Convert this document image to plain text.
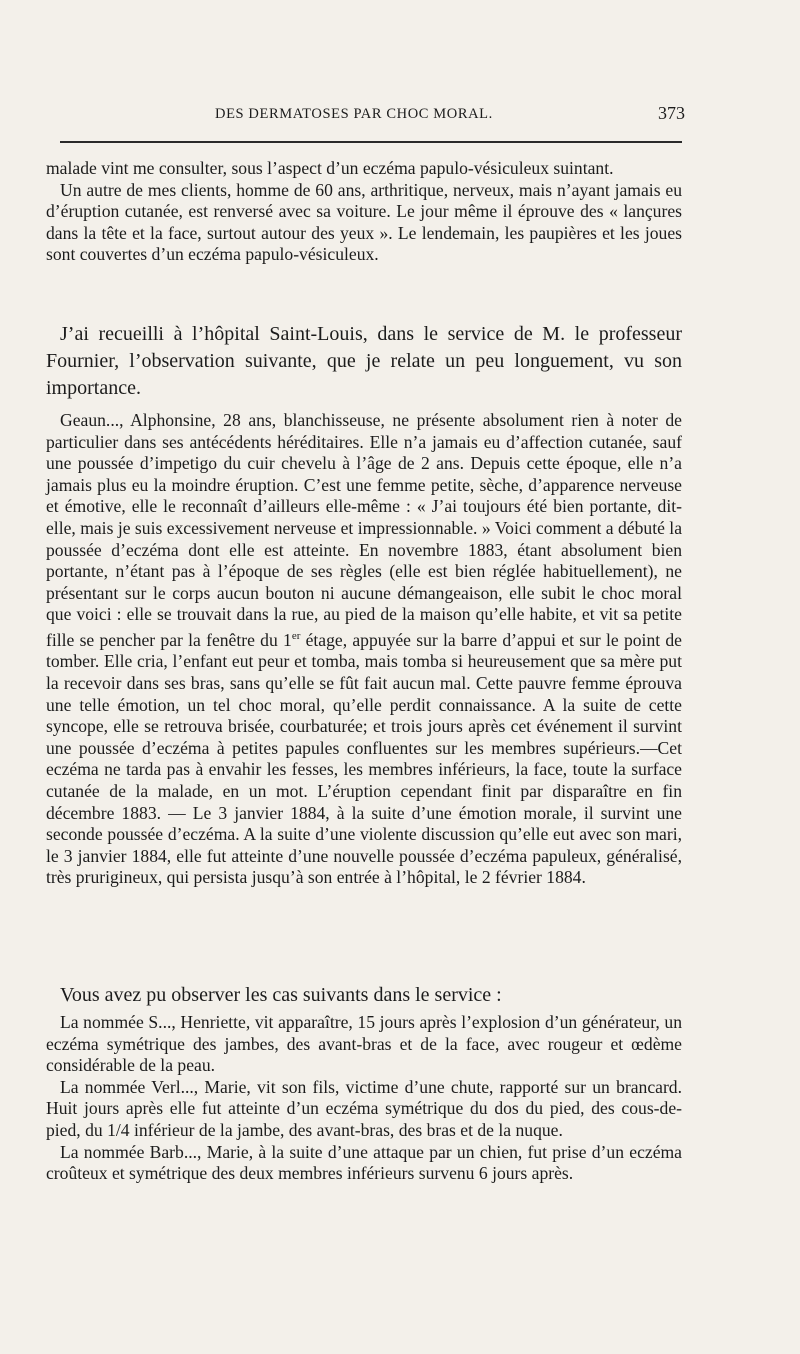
DES DERMATOSES PAR CHOC MORAL.	373

malade vint me consulter, sous l’aspect d’un eczéma papulo-vésiculeux suintant.

Un autre de mes clients, homme de 60 ans, arthritique, nerveux, mais n’ayant jamais eu d’éruption cutanée, est renversé avec sa voiture. Le jour même il éprouve des « lançures dans la tête et la face, surtout autour des yeux ». Le lendemain, les paupières et les joues sont couvertes d’un eczéma papulo-vésiculeux.

J’ai recueilli à l’hôpital Saint-Louis, dans le service de M. le professeur Fournier, l’observation suivante, que je relate un peu longuement, vu son importance.

Geaun..., Alphonsine, 28 ans, blanchisseuse, ne présente absolument rien à noter de particulier dans ses antécédents héréditaires. Elle n’a jamais eu d’affection cutanée, sauf une poussée d’impetigo du cuir chevelu à l’âge de 2 ans. Depuis cette époque, elle n’a jamais plus eu la moindre éruption. C’est une femme petite, sèche, d’apparence nerveuse et émotive, elle le reconnaît d’ailleurs elle-même : « J’ai toujours été bien portante, dit-elle, mais je suis excessivement nerveuse et impressionnable. » Voici comment a débuté la poussée d’eczéma dont elle est atteinte. En novembre 1883, étant absolument bien portante, n’étant pas à l’époque de ses règles (elle est bien réglée habituellement), ne présentant sur le corps aucun bouton ni aucune démangeaison, elle subit le choc moral que voici : elle se trouvait dans la rue, au pied de la maison qu’elle habite, et vit sa petite fille se pencher par la fenêtre du 1er étage, appuyée sur la barre d’appui et sur le point de tomber. Elle cria, l’enfant eut peur et tomba, mais tomba si heureusement que sa mère put la recevoir dans ses bras, sans qu’elle se fût fait aucun mal. Cette pauvre femme éprouva une telle émotion, un tel choc moral, qu’elle perdit connaissance. A la suite de cette syncope, elle se retrouva brisée, courbaturée; et trois jours après cet événement il survint une poussée d’eczéma à petites papules confluentes sur les membres supérieurs.—Cet eczéma ne tarda pas à envahir les fesses, les membres inférieurs, la face, toute la surface cutanée de la malade, en un mot. L’éruption cependant finit par disparaître en fin décembre 1883. — Le 3 janvier 1884, à la suite d’une émotion morale, il survint une seconde poussée d’eczéma. A la suite d’une violente discussion qu’elle eut avec son mari, le 3 janvier 1884, elle fut atteinte d’une nouvelle poussée d’eczéma papuleux, généralisé, très prurigineux, qui persista jusqu’à son entrée à l’hôpital, le 2 février 1884.

Vous avez pu observer les cas suivants dans le service :

La nommée S..., Henriette, vit apparaître, 15 jours après l’explosion d’un générateur, un eczéma symétrique des jambes, des avant-bras et de la face, avec rougeur et œdème considérable de la peau.

La nommée Verl..., Marie, vit son fils, victime d’une chute, rapporté sur un brancard. Huit jours après elle fut atteinte d’un eczéma symétrique du dos du pied, des cous-de-pied, du 1/4 inférieur de la jambe, des avant-bras, des bras et de la nuque.

La nommée Barb..., Marie, à la suite d’une attaque par un chien, fut prise d’un eczéma croûteux et symétrique des deux membres inférieurs survenu 6 jours après.
